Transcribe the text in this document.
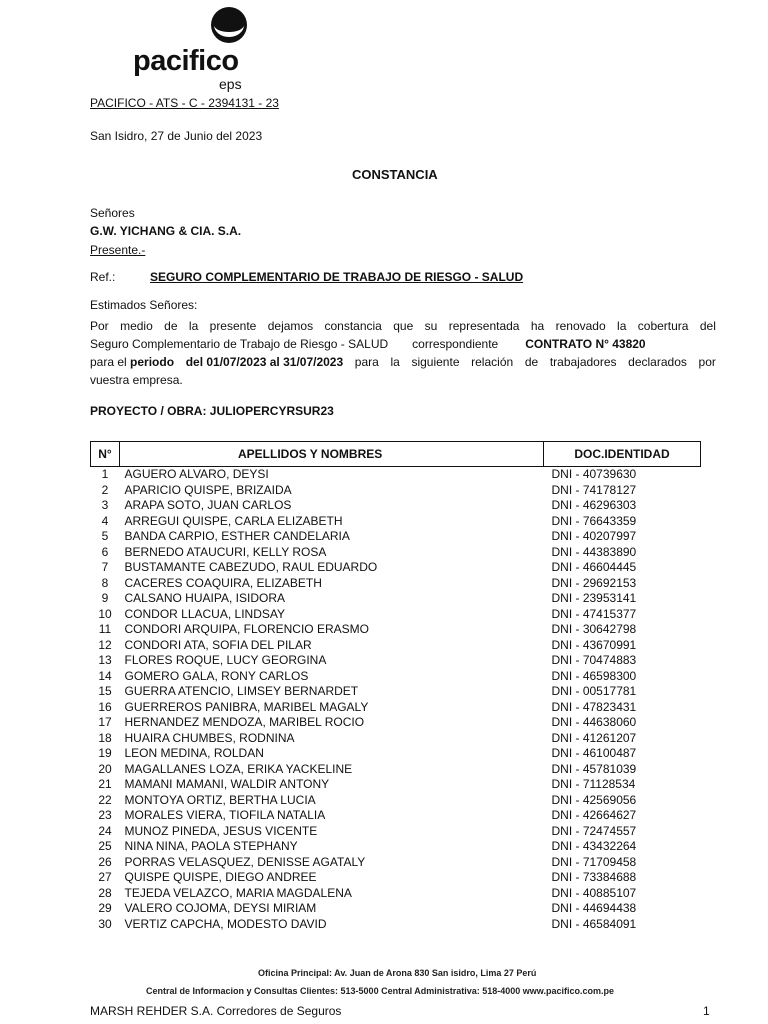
pacifico
eps
PACIFICO - ATS - C - 2394131 - 23
San Isidro, 27 de Junio del 2023
CONSTANCIA
Señores
G.W. YICHANG & CIA. S.A.
Presente.-
Ref.:	SEGURO COMPLEMENTARIO DE TRABAJO DE RIESGO - SALUD
Estimados Señores:
Por medio de la presente dejamos constancia que su representada ha renovado la cobertura del
Seguro Complementario de Trabajo de Riesgo - SALUD correspondiente CONTRATO N° 43820
para el periodo del 01/07/2023 al 31/07/2023 para la siguiente relación de trabajadores declarados por
vuestra empresa.
PROYECTO / OBRA: JULIOPERCYRSUR23
N°	APELLIDOS Y NOMBRES	DOC.IDENTIDAD
1	AGUERO ALVARO, DEYSI	DNI - 40739630
2	APARICIO QUISPE, BRIZAIDA	DNI - 74178127
3	ARAPA SOTO, JUAN CARLOS	DNI - 46296303
4	ARREGUI QUISPE, CARLA ELIZABETH	DNI - 76643359
5	BANDA CARPIO, ESTHER CANDELARIA	DNI - 40207997
6	BERNEDO ATAUCURI, KELLY ROSA	DNI - 44383890
7	BUSTAMANTE CABEZUDO, RAUL EDUARDO	DNI - 46604445
8	CACERES COAQUIRA, ELIZABETH	DNI - 29692153
9	CALSANO HUAIPA, ISIDORA	DNI - 23953141
10	CONDOR LLACUA, LINDSAY	DNI - 47415377
11	CONDORI ARQUIPA, FLORENCIO ERASMO	DNI - 30642798
12	CONDORI ATA, SOFIA DEL PILAR	DNI - 43670991
13	FLORES ROQUE, LUCY GEORGINA	DNI - 70474883
14	GOMERO GALA, RONY CARLOS	DNI - 46598300
15	GUERRA ATENCIO, LIMSEY BERNARDET	DNI - 00517781
16	GUERREROS PANIBRA, MARIBEL MAGALY	DNI - 47823431
17	HERNANDEZ MENDOZA, MARIBEL ROCIO	DNI - 44638060
18	HUAIRA CHUMBES, RODNINA	DNI - 41261207
19	LEON MEDINA, ROLDAN	DNI - 46100487
20	MAGALLANES LOZA, ERIKA YACKELINE	DNI - 45781039
21	MAMANI MAMANI, WALDIR ANTONY	DNI - 71128534
22	MONTOYA ORTIZ, BERTHA LUCIA	DNI - 42569056
23	MORALES VIERA, TIOFILA NATALIA	DNI - 42664627
24	MUNOZ PINEDA, JESUS VICENTE	DNI - 72474557
25	NINA NINA, PAOLA STEPHANY	DNI - 43432264
26	PORRAS VELASQUEZ, DENISSE AGATALY	DNI - 71709458
27	QUISPE QUISPE, DIEGO ANDREE	DNI - 73384688
28	TEJEDA VELAZCO, MARIA MAGDALENA	DNI - 40885107
29	VALERO COJOMA, DEYSI MIRIAM	DNI - 44694438
30	VERTIZ CAPCHA, MODESTO DAVID	DNI - 46584091
Oficina Principal: Av. Juan de Arona 830 San isidro, Lima 27 Perú
Central de Informacion y Consultas Clientes: 513-5000 Central Administrativa: 518-4000 www.pacifico.com.pe
MARSH REHDER S.A. Corredores de Seguros	1
